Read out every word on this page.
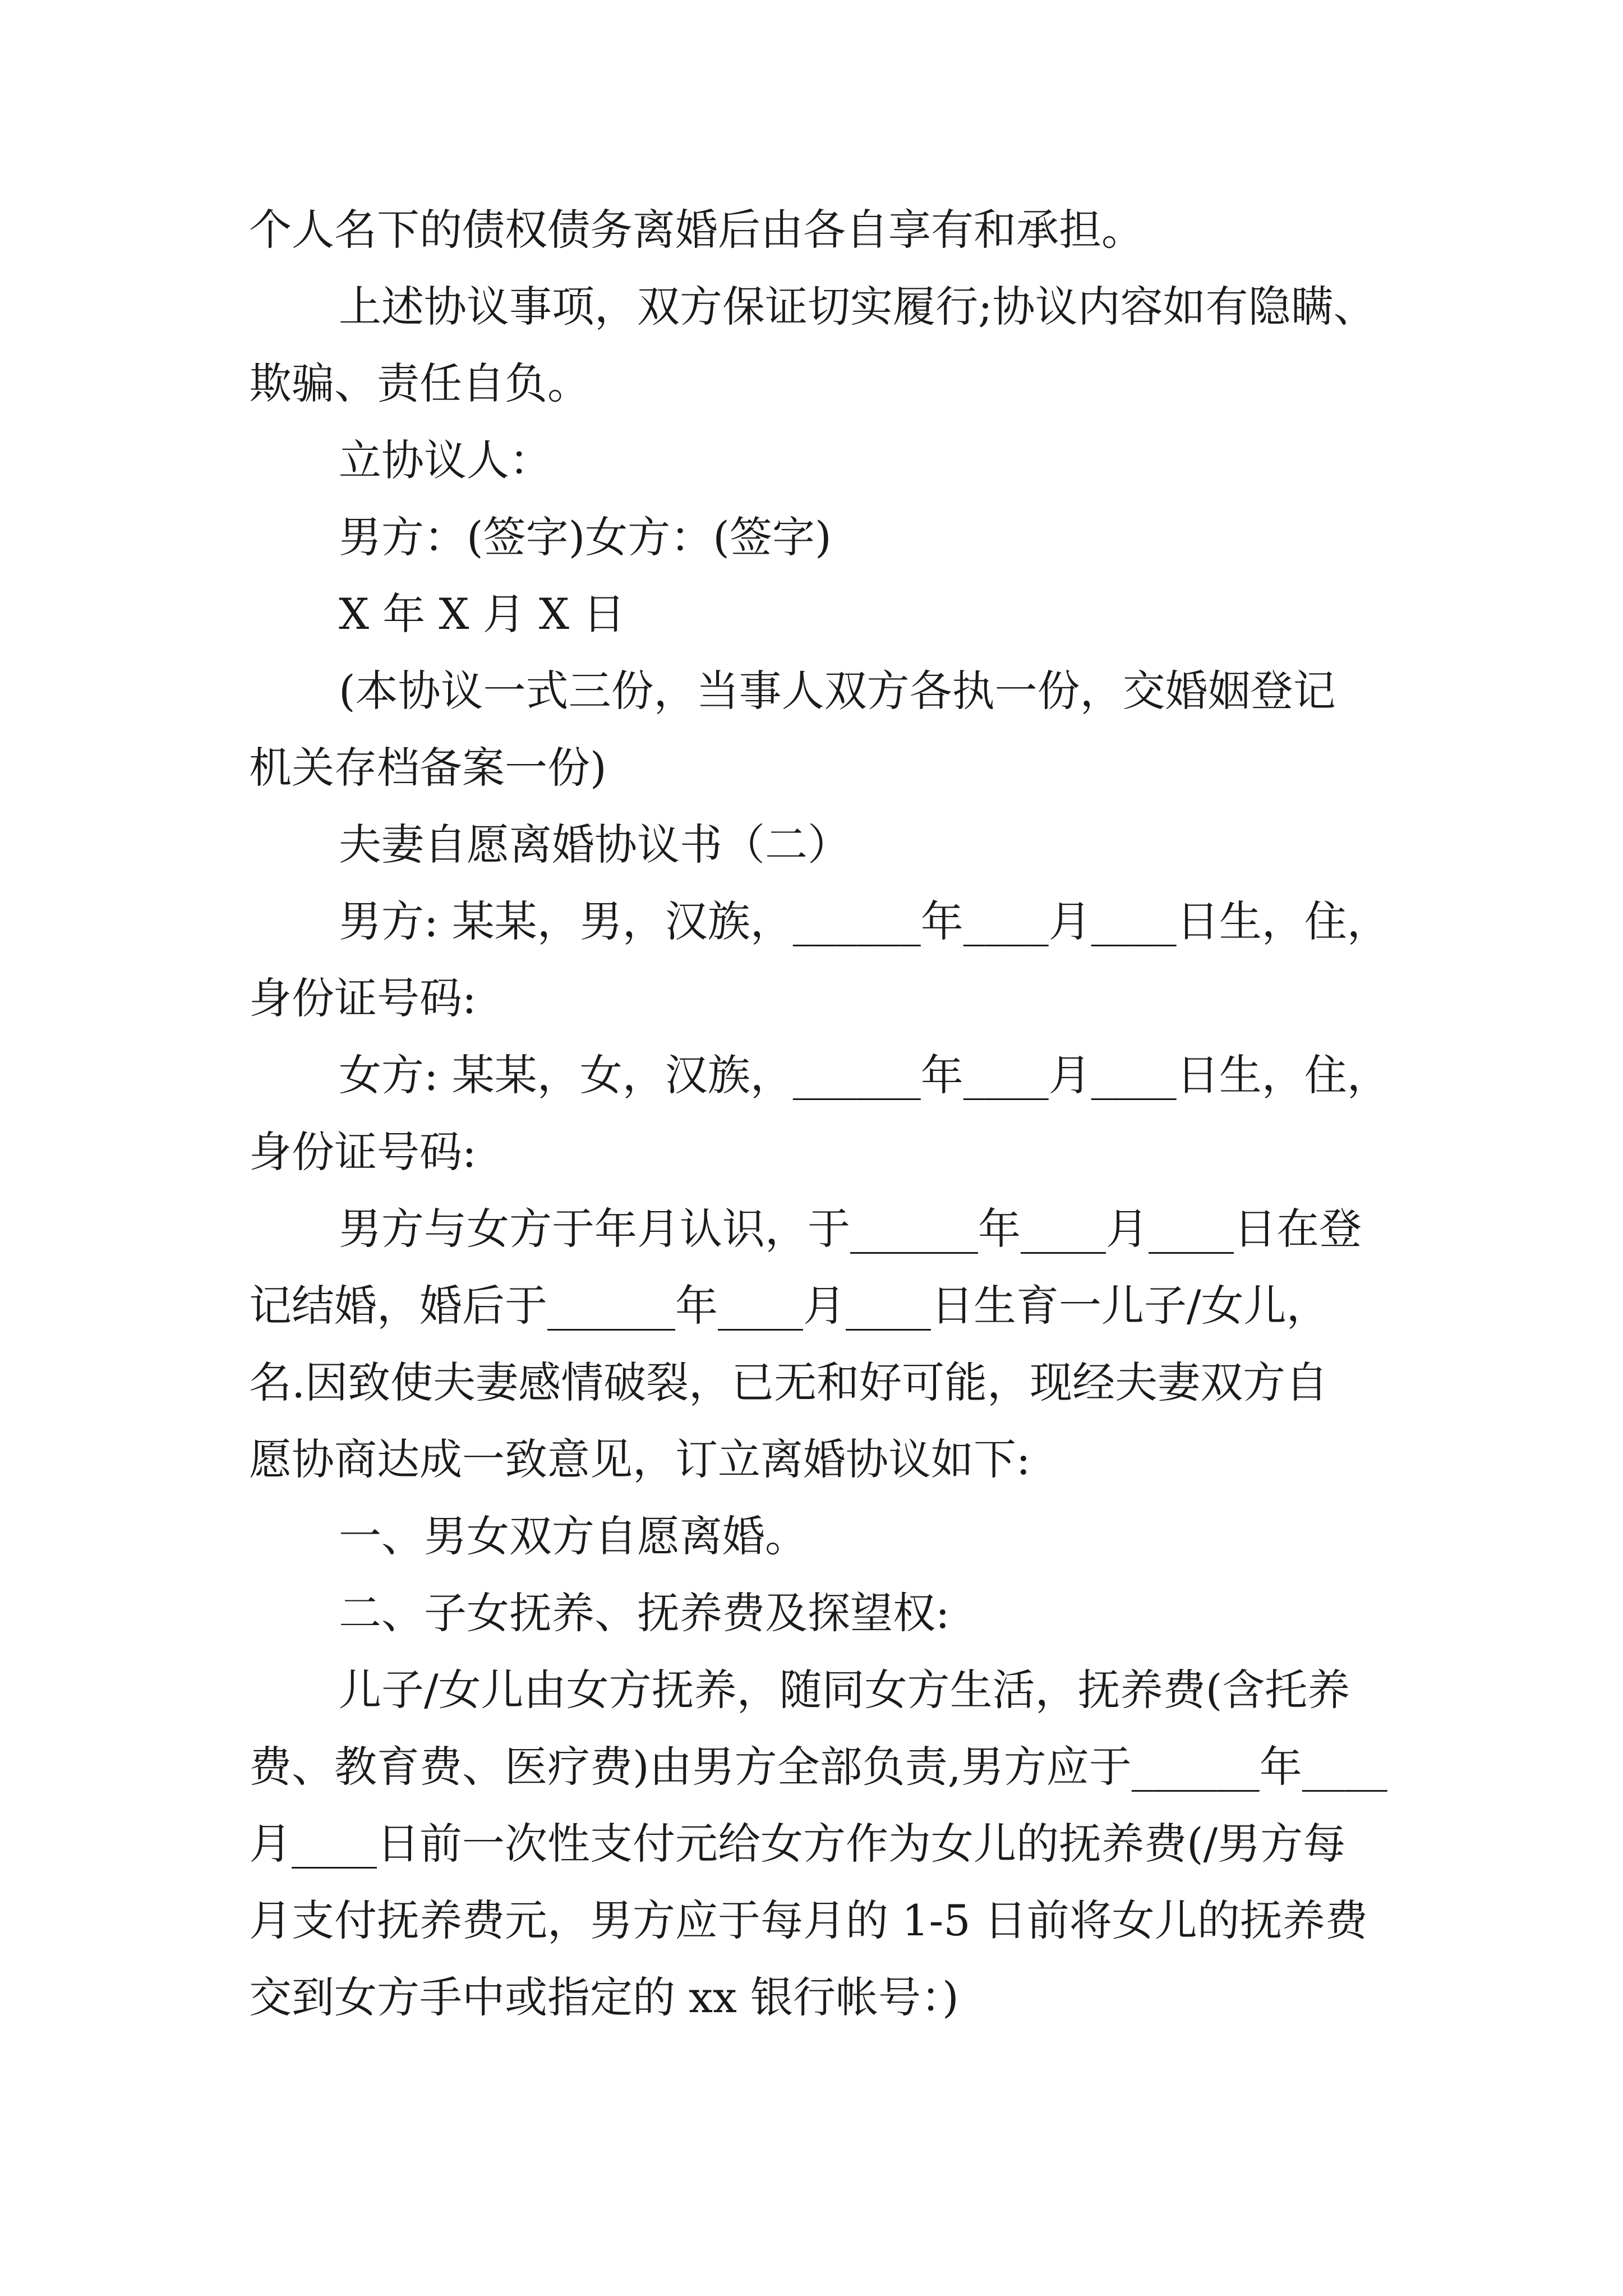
个人名下的债权债务离婚后由各自享有和承担。
上述协议事项，双方保证切实履行;协议内容如有隐瞒、
欺骗、责任自负。
立协议人：
男方：(签字)女方：(签字)
X 年 X 月 X 日
(本协议一式三份，当事人双方各执一份，交婚姻登记
机关存档备案一份)
夫妻自愿离婚协议书（二）
男方: 某某，男，汉族，______年____月____日生，住，
身份证号码:
女方: 某某，女，汉族，______年____月____日生，住，
身份证号码:
男方与女方于年月认识，于______年____月____日在登
记结婚，婚后于______年____月____日生育一儿子/女儿，
名.因致使夫妻感情破裂，已无和好可能，现经夫妻双方自
愿协商达成一致意见，订立离婚协议如下:
一、男女双方自愿离婚。
二、子女抚养、抚养费及探望权:
儿子/女儿由女方抚养，随同女方生活，抚养费(含托养
费、教育费、医疗费)由男方全部负责,男方应于______年____
月____日前一次性支付元给女方作为女儿的抚养费(/男方每
月支付抚养费元，男方应于每月的 1-5 日前将女儿的抚养费
交到女方手中或指定的 xx 银行帐号：)
